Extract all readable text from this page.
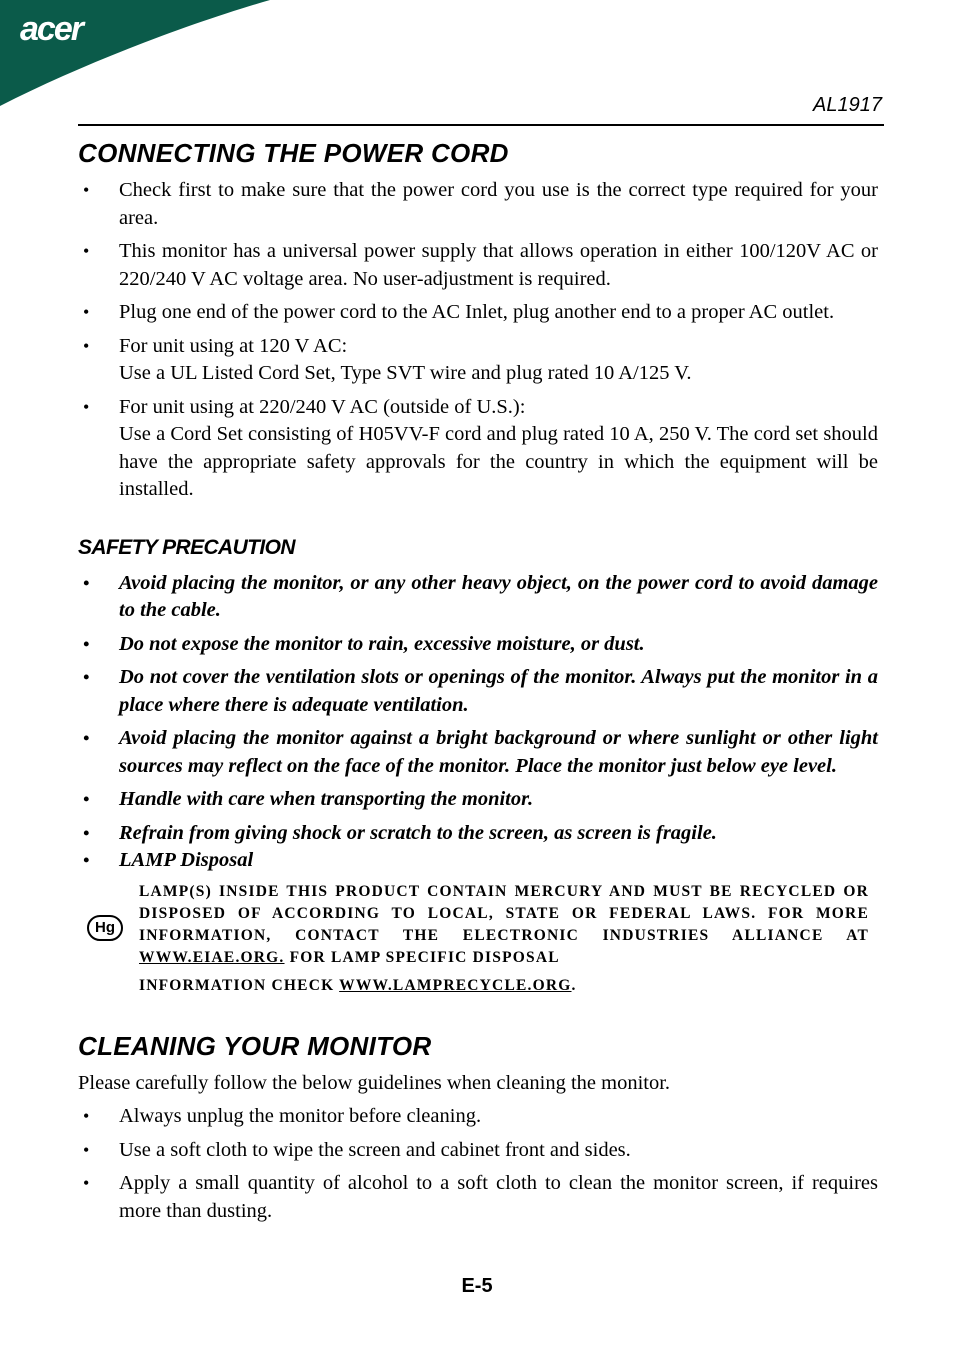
acer
AL1917
CONNECTING THE POWER CORD
• Check first to make sure that the power cord you use is the correct type required for your area.
• This monitor has a universal power supply that allows operation in either 100/120V AC or 220/240 V AC voltage area. No user-adjustment is required.
• Plug one end of the power cord to the AC Inlet, plug another end to a proper AC outlet.
• For unit using at 120 V AC:
Use a UL Listed Cord Set, Type SVT wire and plug rated 10 A/125 V.
• For unit using at 220/240 V AC (outside of U.S.):
Use a Cord Set consisting of H05VV-F cord and plug rated 10 A, 250 V. The cord set should have the appropriate safety approvals for the country in which the equipment will be installed.
SAFETY PRECAUTION
• Avoid placing the monitor, or any other heavy object, on the power cord to avoid damage to the cable.
• Do not expose the monitor to rain, excessive moisture, or dust.
• Do not cover the ventilation slots or openings of the monitor. Always put the monitor in a place where there is adequate ventilation.
• Avoid placing the monitor against a bright background or where sunlight or other light sources may reflect on the face of the monitor. Place the monitor just below eye level.
• Handle with care when transporting the monitor.
• Refrain from giving shock or scratch to the screen, as screen is fragile.
• LAMP Disposal
Hg
LAMP(S) INSIDE THIS PRODUCT CONTAIN MERCURY AND MUST BE RECYCLED OR DISPOSED OF ACCORDING TO LOCAL, STATE OR FEDERAL LAWS. FOR MORE INFORMATION, CONTACT THE ELECTRONIC INDUSTRIES ALLIANCE AT WWW.EIAE.ORG. FOR LAMP SPECIFIC DISPOSAL
INFORMATION CHECK WWW.LAMPRECYCLE.ORG.
CLEANING YOUR MONITOR
Please carefully follow the below guidelines when cleaning the monitor.
• Always unplug the monitor before cleaning.
• Use a soft cloth to wipe the screen and cabinet front and sides.
• Apply a small quantity of alcohol to a soft cloth to clean the monitor screen, if requires more than dusting.
E-5
